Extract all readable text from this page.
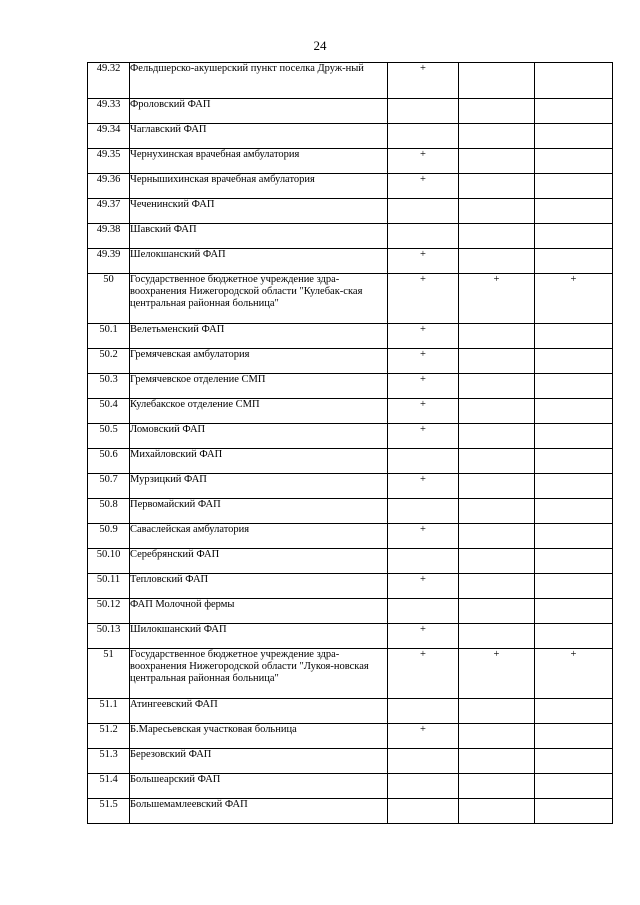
24
49.32	Фельдшерско-акушерский пункт поселка Друж-ный	+		
49.33	Фроловский ФАП			
49.34	Чаглавский ФАП			
49.35	Чернухинская врачебная амбулатория	+		
49.36	Чернышихинская врачебная амбулатория	+		
49.37	Чеченинский ФАП			
49.38	Шавский ФАП			
49.39	Шелокшанский ФАП	+		
50	Государственное бюджетное учреждение здра-воохранения Нижегородской области "Кулебак-ская центральная районная больница"	+	+	+
50.1	Велетьменский ФАП	+		
50.2	Гремячевская амбулатория	+		
50.3	Гремячевское отделение СМП	+		
50.4	Кулебакское отделение СМП	+		
50.5	Ломовский ФАП	+		
50.6	Михайловский ФАП			
50.7	Мурзицкий ФАП	+		
50.8	Первомайский ФАП			
50.9	Саваслейская амбулатория	+		
50.10	Серебрянский ФАП			
50.11	Тепловский ФАП	+		
50.12	ФАП Молочной фермы			
50.13	Шилокшанский ФАП	+		
51	Государственное бюджетное учреждение здра-воохранения Нижегородской области "Лукоя-новская центральная районная больница"	+	+	+
51.1	Атингеевский ФАП			
51.2	Б.Маресьевская участковая больница	+		
51.3	Березовский ФАП			
51.4	Большеарский ФАП			
51.5	Большемамлеевский ФАП			
